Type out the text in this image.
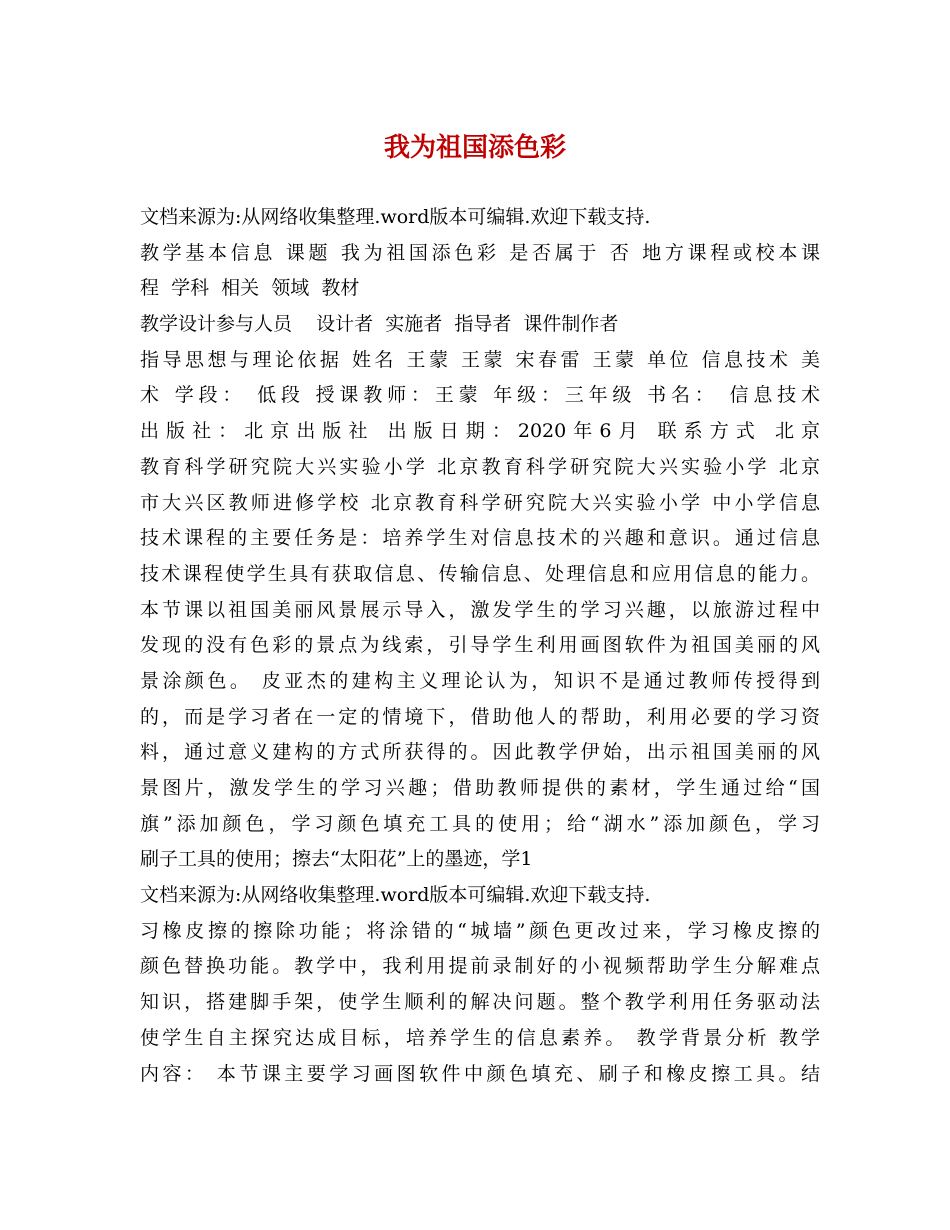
我为祖国添色彩
文档来源为:从网络收集整理.word版本可编辑.欢迎下载支持.
教学基本信息 课题 我为祖国添色彩 是否属于 否 地方课程或校本课
程  学科  相关  领域  教材
教学设计参与人员    设计者  实施者  指导者  课件制作者
指导思想与理论依据 姓名 王蒙 王蒙 宋春雷 王蒙 单位 信息技术 美
术 学段： 低段 授课教师：王蒙 年级：三年级 书名： 信息技术
出版社：北京出版社 出版日期：2020年6月 联系方式 北京
教育科学研究院大兴实验小学 北京教育科学研究院大兴实验小学 北京
市大兴区教师进修学校 北京教育科学研究院大兴实验小学 中小学信息
技术课程的主要任务是：培养学生对信息技术的兴趣和意识。通过信息
技术课程使学生具有获取信息、传输信息、处理信息和应用信息的能力。
本节课以祖国美丽风景展示导入，激发学生的学习兴趣，以旅游过程中
发现的没有色彩的景点为线索，引导学生利用画图软件为祖国美丽的风
景涂颜色。 皮亚杰的建构主义理论认为，知识不是通过教师传授得到
的，而是学习者在一定的情境下，借助他人的帮助，利用必要的学习资
料，通过意义建构的方式所获得的。因此教学伊始，出示祖国美丽的风
景图片，激发学生的学习兴趣；借助教师提供的素材，学生通过给“国
旗”添加颜色，学习颜色填充工具的使用；给“湖水”添加颜色，学习
刷子工具的使用；擦去“太阳花”上的墨迹，学1
文档来源为:从网络收集整理.word版本可编辑.欢迎下载支持.
习橡皮擦的擦除功能；将涂错的“城墙”颜色更改过来，学习橡皮擦的
颜色替换功能。教学中，我利用提前录制好的小视频帮助学生分解难点
知识，搭建脚手架，使学生顺利的解决问题。整个教学利用任务驱动法
使学生自主探究达成目标，培养学生的信息素养。 教学背景分析 教学
内容： 本节课主要学习画图软件中颜色填充、刷子和橡皮擦工具。结
